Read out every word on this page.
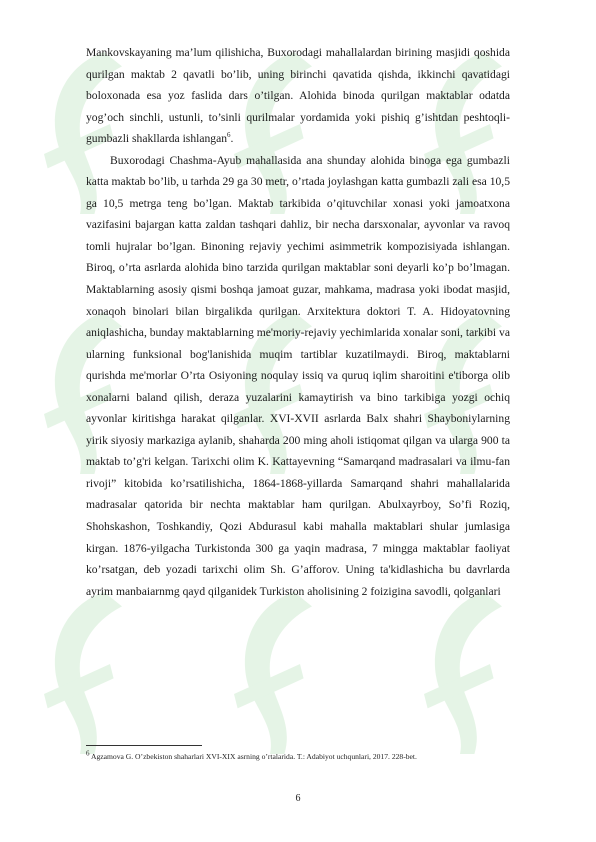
Mankovskayaning ma’lum qilishicha, Buxorodagi mahallalardan birining masjidi qoshida qurilgan maktab 2 qavatli bo’lib, uning birinchi qavatida qishda, ikkinchi qavatidagi boloxonada esa yoz faslida dars o’tilgan. Alohida binoda qurilgan maktablar odatda yog’och sinchli, ustunli, to’sinli qurilmalar yordamida yoki pishiq g’ishtdan peshtoqli-gumbazli shakllarda ishlangan$^6$.

Buxorodagi Chashma-Ayub mahallasida ana shunday alohida binoga ega gumbazli katta maktab bo’lib, u tarhda 29 ga 30 metr, o’rtada joylashgan katta gumbazli zali esa 10,5 ga 10,5 metrga teng bo’lgan. Maktab tarkibida o’qituvchilar xonasi yoki jamoatxona vazifasini bajargan katta zaldan tashqari dahliz, bir necha darsxonalar, ayvonlar va ravoq tomli hujralar bo’lgan. Binoning rejaviy yechimi asimmetrik kompozisiyada ishlangan. Biroq, o’rta asrlarda alohida bino tarzida qurilgan maktablar soni deyarli ko’p bo’lmagan. Maktablarning asosiy qismi boshqa jamoat guzar, mahkama, madrasa yoki ibodat masjid, xonaqoh binolari bilan birgalikda qurilgan. Arxitektura doktori T. A. Hidoyatovning aniqlashicha, bunday maktablarning me'moriy-rejaviy yechimlarida xonalar soni, tarkibi va ularning funksional bog'lanishida muqim tartiblar kuzatilmaydi. Biroq, maktablarni qurishda me'morlar O’rta Osiyoning noqulay issiq va quruq iqlim sharoitini e'tiborga olib xonalarni baland qilish, deraza yuzalarini kamaytirish va bino tarkibiga yozgi ochiq ayvonlar kiritishga harakat qilganlar. XVI-XVII asrlarda Balx shahri Shayboniylarning yirik siyosiy markaziga aylanib, shaharda 200 ming aholi istiqomat qilgan va ularga 900 ta maktab to’g'ri kelgan. Tarixchi olim K. Kattayevning “Samarqand madrasalari va ilmu-fan rivoji” kitobida ko’rsatilishicha, 1864-1868-yillarda Samarqand shahri mahallalarida madrasalar qatorida bir nechta maktablar ham qurilgan. Abulxayrboy, So’fi Roziq, Shohskashon, Toshkandiy, Qozi Abdurasul kabi mahalla maktablari shular jumlasiga kirgan. 1876-yilgacha Turkistonda 300 ga yaqin madrasa, 7 mingga maktablar faoliyat ko’rsatgan, deb yozadi tarixchi olim Sh. G’afforov. Uning ta'kidlashicha bu davrlarda ayrim manbaiarnmg qayd qilganidek Turkiston aholisining 2 foizigina savodli, qolganlari

$^6$ Agzamova G. O’zbekiston shaharlari XVI-XIX asrning o’rtalarida. T.: Adabiyot uchqunlari, 2017. 228-bet.
6
